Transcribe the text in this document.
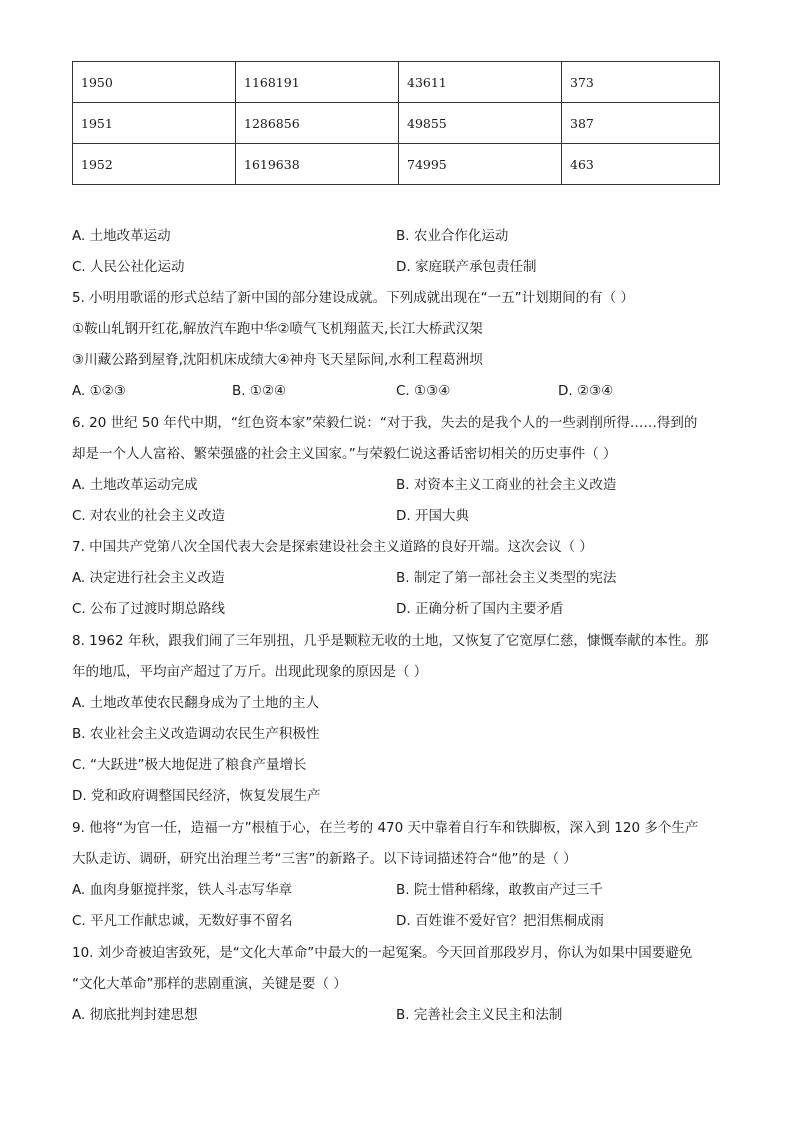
1950	1168191	43611	373
1951	1286856	49855	387
1952	1619638	74995	463
A. 土地改革运动	B. 农业合作化运动
C. 人民公社化运动	D. 家庭联产承包责任制
5. 小明用歌谣的形式总结了新中国的部分建设成就。下列成就出现在“一五”计划期间的有（ ）
①鞍山轧钢开红花,解放汽车跑中华②喷气飞机翔蓝天,长江大桥武汉架
③川藏公路到屋脊,沈阳机床成绩大④神舟飞天星际间,水利工程葛洲坝
A. ①②③	B. ①②④	C. ①③④	D. ②③④
6. 20 世纪 50 年代中期，“红色资本家”荣毅仁说：“对于我，失去的是我个人的一些剥削所得……得到的
却是一个人人富裕、繁荣强盛的社会主义国家。”与荣毅仁说这番话密切相关的历史事件（ ）
A. 土地改革运动完成	B. 对资本主义工商业的社会主义改造
C. 对农业的社会主义改造	D. 开国大典
7. 中国共产党第八次全国代表大会是探索建设社会主义道路的良好开端。这次会议（ ）
A. 决定进行社会主义改造	B. 制定了第一部社会主义类型的宪法
C. 公布了过渡时期总路线	D. 正确分析了国内主要矛盾
8. 1962 年秋，跟我们闹了三年别扭，几乎是颗粒无收的土地，又恢复了它宽厚仁慈，慷慨奉献的本性。那
年的地瓜，平均亩产超过了万斤。出现此现象的原因是（ ）
A. 土地改革使农民翻身成为了土地的主人
B. 农业社会主义改造调动农民生产积极性
C. “大跃进”极大地促进了粮食产量增长
D. 党和政府调整国民经济，恢复发展生产
9. 他将“为官一任，造福一方”根植于心，在兰考的 470 天中靠着自行车和铁脚板，深入到 120 多个生产
大队走访、调研，研究出治理兰考“三害”的新路子。以下诗词描述符合“他”的是（ ）
A. 血肉身躯搅拌浆，铁人斗志写华章	B. 院士惜种稻缘，敢教亩产过三千
C. 平凡工作献忠诚，无数好事不留名	D. 百姓谁不爱好官？把泪焦桐成雨
10. 刘少奇被迫害致死，是“文化大革命”中最大的一起冤案。今天回首那段岁月，你认为如果中国要避免
“文化大革命”那样的悲剧重演，关键是要（ ）
A. 彻底批判封建思想	B. 完善社会主义民主和法制
